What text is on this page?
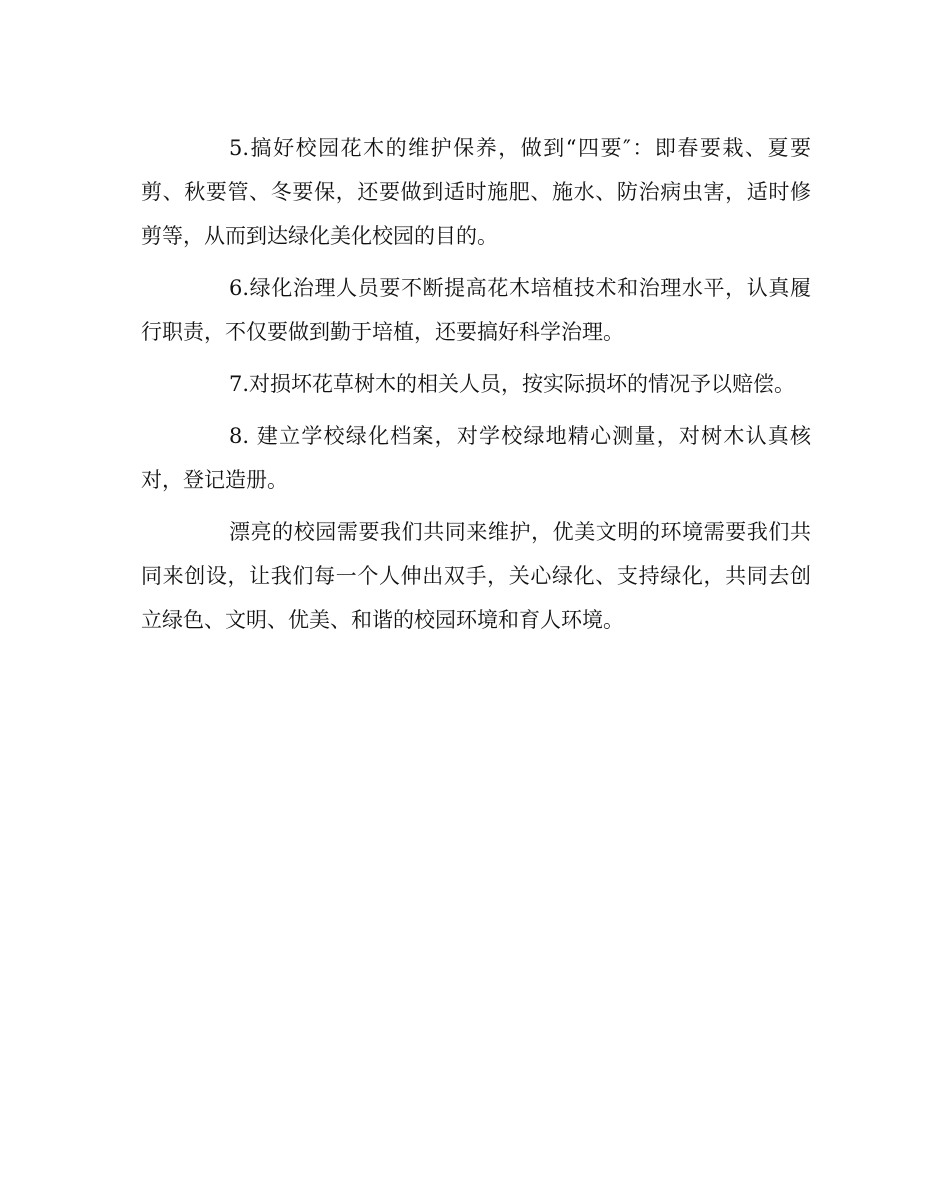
5.搞好校园花木的维护保养，做到“四要″：即春要栽、夏要剪、秋要管、冬要保，还要做到适时施肥、施水、防治病虫害，适时修剪等，从而到达绿化美化校园的目的。

6.绿化治理人员要不断提高花木培植技术和治理水平，认真履行职责，不仅要做到勤于培植，还要搞好科学治理。

7.对损坏花草树木的相关人员，按实际损坏的情况予以赔偿。

8. 建立学校绿化档案，对学校绿地精心测量，对树木认真核对，登记造册。

漂亮的校园需要我们共同来维护，优美文明的环境需要我们共同来创设，让我们每一个人伸出双手，关心绿化、支持绿化，共同去创立绿色、文明、优美、和谐的校园环境和育人环境。
